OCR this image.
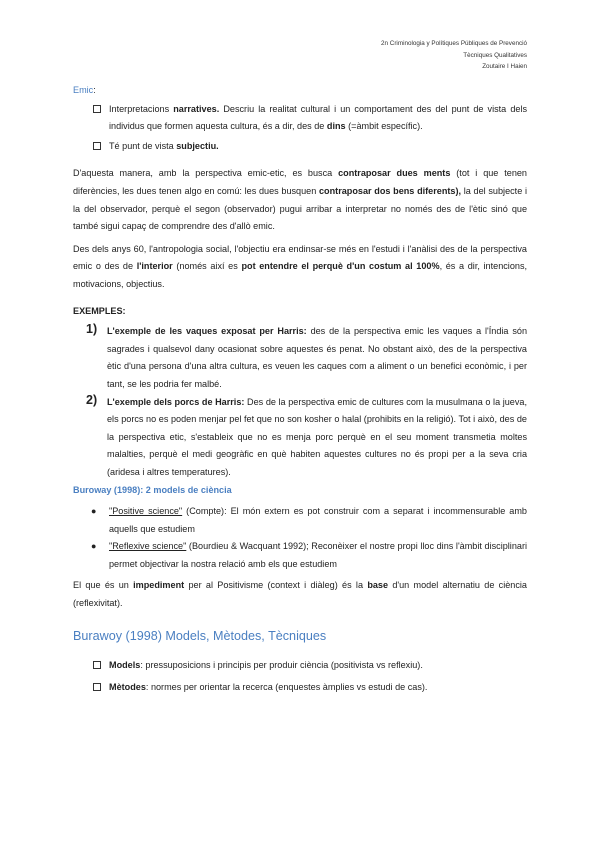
2n Criminologia y Polítiques Públiques de Prevenció
Tècniques Qualitatives
Zoutaire I Haien

Emic:

Interpretacions narratives. Descriu la realitat cultural i un comportament des del punt de vista dels individus que formen aquesta cultura, és a dir, des de dins (=àmbit específic).
Té punt de vista subjectiu.

D'aquesta manera, amb la perspectiva emic-etic, es busca contraposar dues ments (tot i que tenen diferències, les dues tenen algo en comú: les dues busquen contraposar dos bens diferents), la del subjecte i la del observador, perquè el segon (observador) pugui arribar a interpretar no només des de l'ètic sinó que també sigui capaç de comprendre des d'allò emic.

Des dels anys 60, l'antropologia social, l'objectiu era endinsar-se més en l'estudi i l'anàlisi des de la perspectiva emic o des de l'interior (només així es pot entendre el perquè d'un costum al 100%, és a dir, intencions, motivacions, objectius.

EXEMPLES:

1) L'exemple de les vaques exposat per Harris: des de la perspectiva emic les vaques a l'Índia són sagrades i qualsevol dany ocasionat sobre aquestes és penat. No obstant això, des de la perspectiva ètic d'una persona d'una altra cultura, es veuen les caques com a aliment o un benefici econòmic, i per tant, se les podria fer malbé.
2) L'exemple dels porcs de Harris: Des de la perspectiva emic de cultures com la musulmana o la jueva, els porcs no es poden menjar pel fet que no son kosher o halal (prohibits en la religió). Tot i això, des de la perspectiva etic, s'estableix que no es menja porc perquè en el seu moment transmetia moltes malalties, perquè el medi geogràfic en què habiten aquestes cultures no és propi per a la seva cria (aridesa i altres temperatures).

Buroway (1998): 2 models de ciència

● "Positive science" (Compte): El món extern es pot construir com a separat i incommensurable amb aquells que estudiem
● "Reflexive science" (Bourdieu & Wacquant 1992); Reconèixer el nostre propi lloc dins l'àmbit disciplinari permet objectivar la nostra relació amb els que estudiem

El que és un impediment per al Positivisme (context i diàleg) és la base d'un model alternatiu de ciència (reflexivitat).

Burawoy (1998) Models, Mètodes, Tècniques

Models: pressuposicions i principis per produir ciència (positivista vs reflexiu).
Mètodes: normes per orientar la recerca (enquestes àmplies vs estudi de cas).
